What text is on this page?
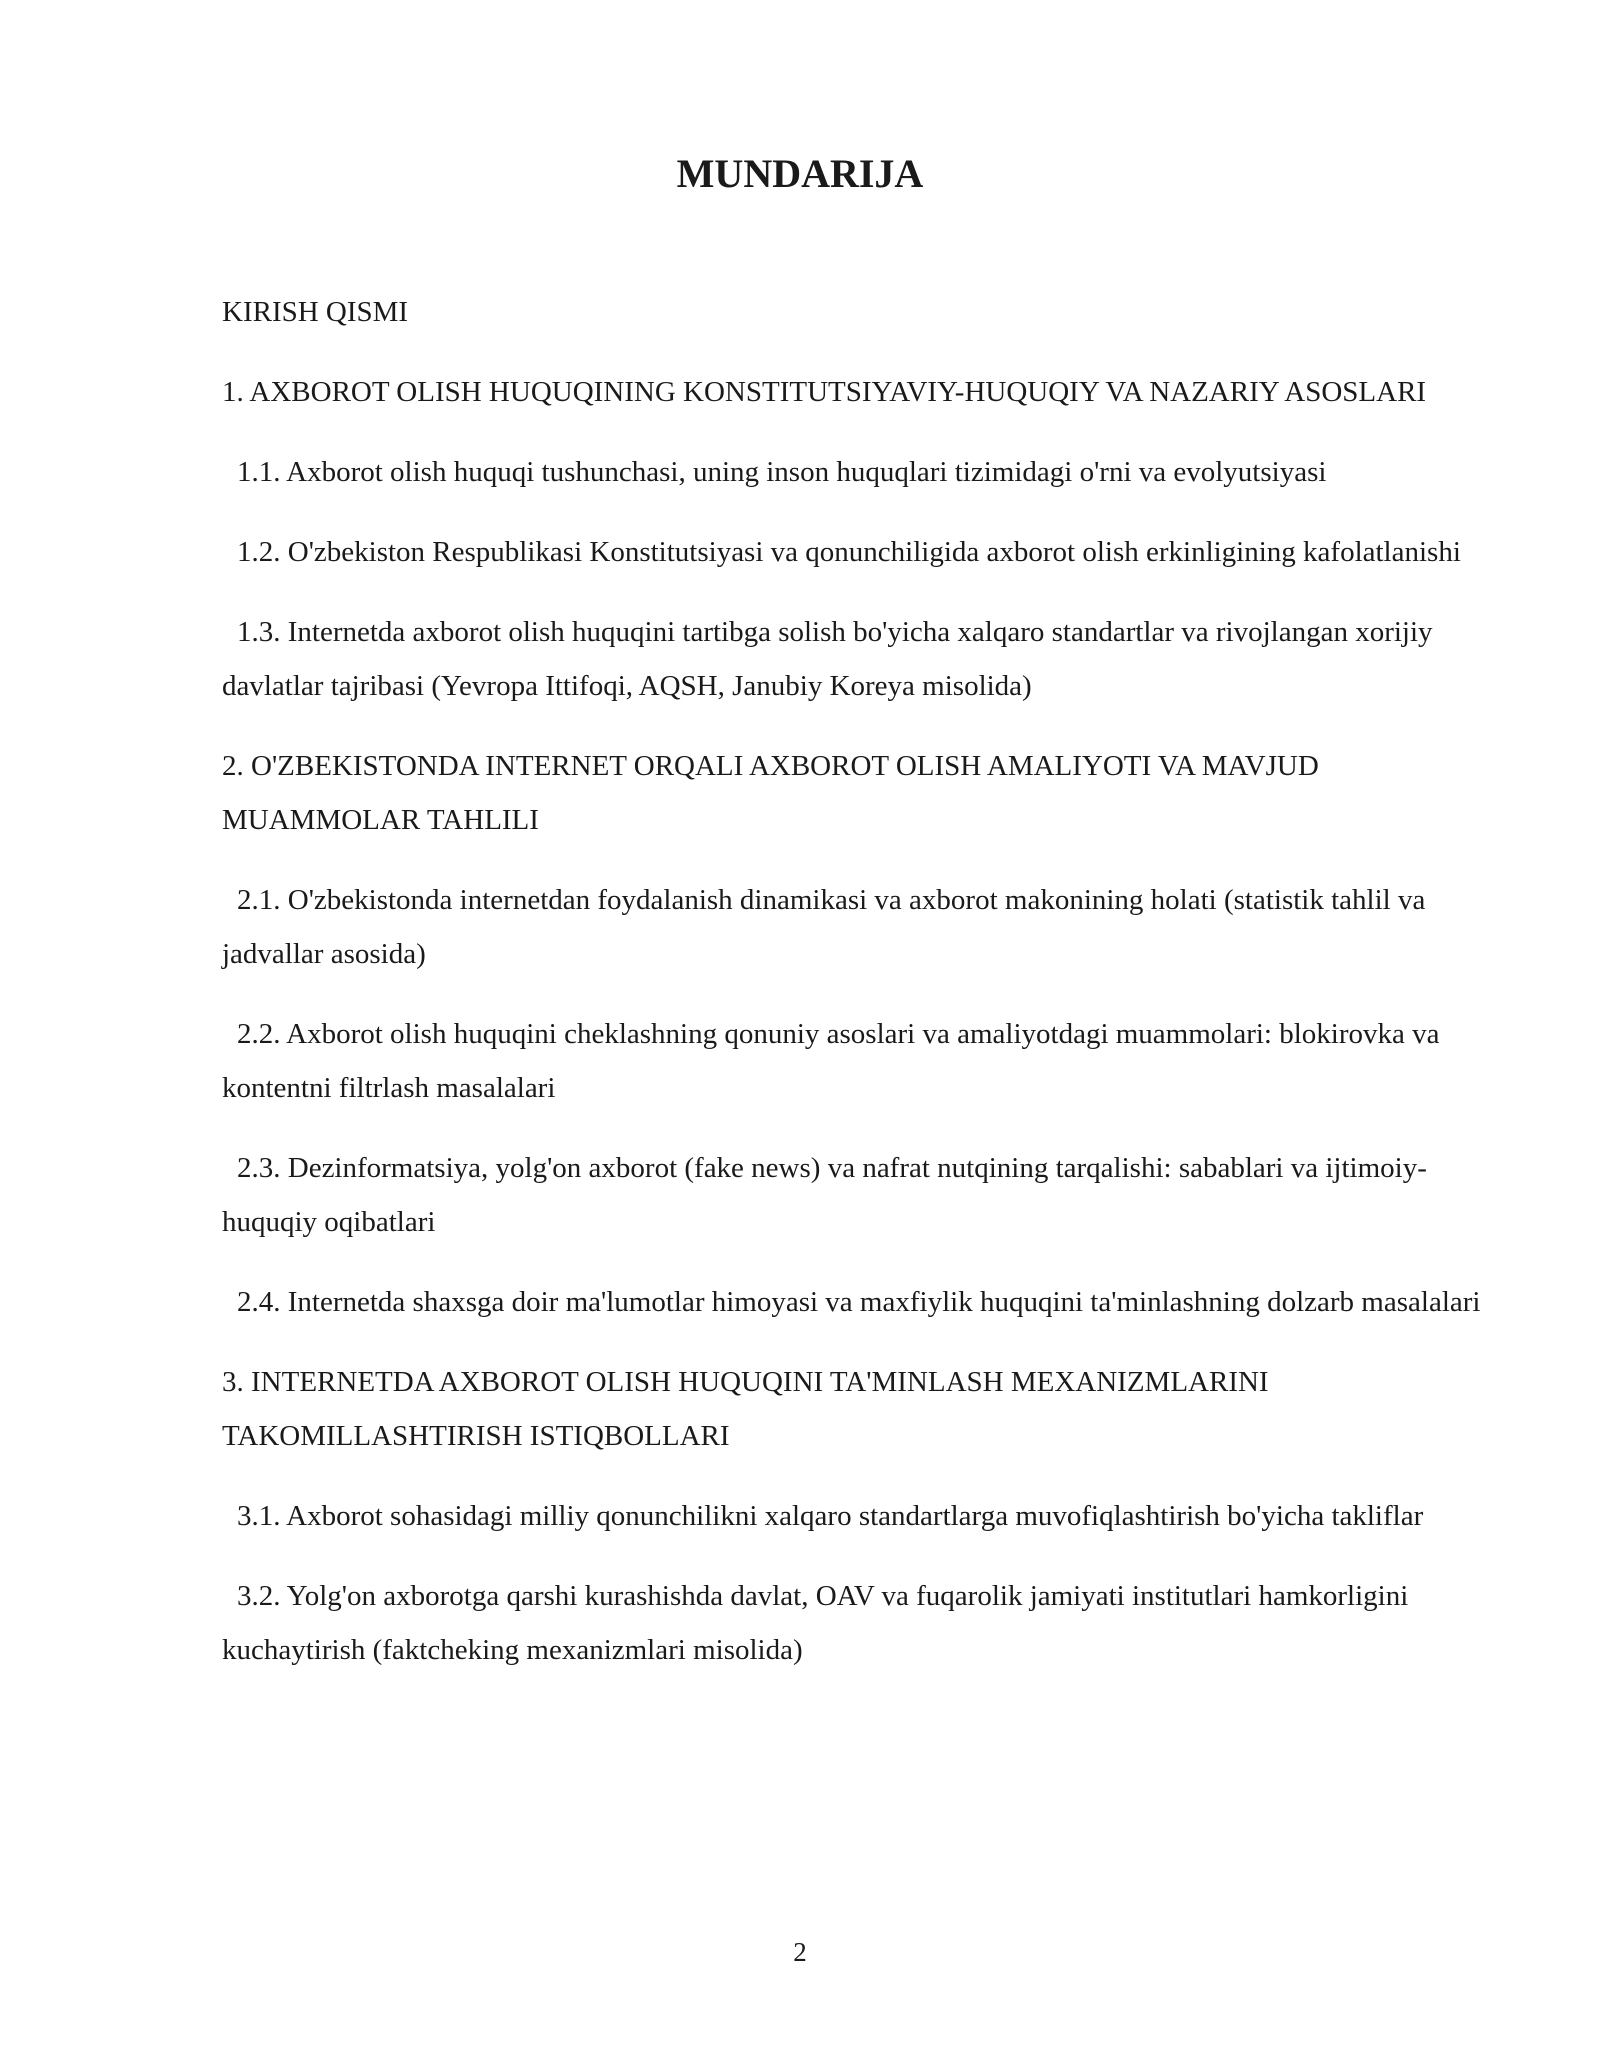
MUNDARIJA
KIRISH QISMI
1. AXBOROT OLISH HUQUQINING KONSTITUTSIYAVIY-HUQUQIY VA NAZARIY ASOSLARI
1.1. Axborot olish huquqi tushunchasi, uning inson huquqlari tizimidagi o'rni va evolyutsiyasi
1.2. O'zbekiston Respublikasi Konstitutsiyasi va qonunchiligida axborot olish erkinligining kafolatlanishi
1.3. Internetda axborot olish huquqini tartibga solish bo'yicha xalqaro standartlar va rivojlangan xorijiy davlatlar tajribasi (Yevropa Ittifoqi, AQSH, Janubiy Koreya misolida)
2. O'ZBEKISTONDA INTERNET ORQALI AXBOROT OLISH AMALIYOTI VA MAVJUD MUAMMOLAR TAHLILI
2.1. O'zbekistonda internetdan foydalanish dinamikasi va axborot makonining holati (statistik tahlil va jadvallar asosida)
2.2. Axborot olish huquqini cheklashning qonuniy asoslari va amaliyotdagi muammolari: blokirovka va kontentni filtrlash masalalari
2.3. Dezinformatsiya, yolg'on axborot (fake news) va nafrat nutqining tarqalishi: sabablari va ijtimoiy-huquqiy oqibatlari
2.4. Internetda shaxsga doir ma'lumotlar himoyasi va maxfiylik huquqini ta'minlashning dolzarb masalalari
3. INTERNETDA AXBOROT OLISH HUQUQINI TA'MINLASH MEXANIZMLARINI TAKOMILLASHTIRISH ISTIQBOLLARI
3.1. Axborot sohasidagi milliy qonunchilikni xalqaro standartlarga muvofiqlashtirish bo'yicha takliflar
3.2. Yolg'on axborotga qarshi kurashishda davlat, OAV va fuqarolik jamiyati institutlari hamkorligini kuchaytirish (faktcheking mexanizmlari misolida)
2
